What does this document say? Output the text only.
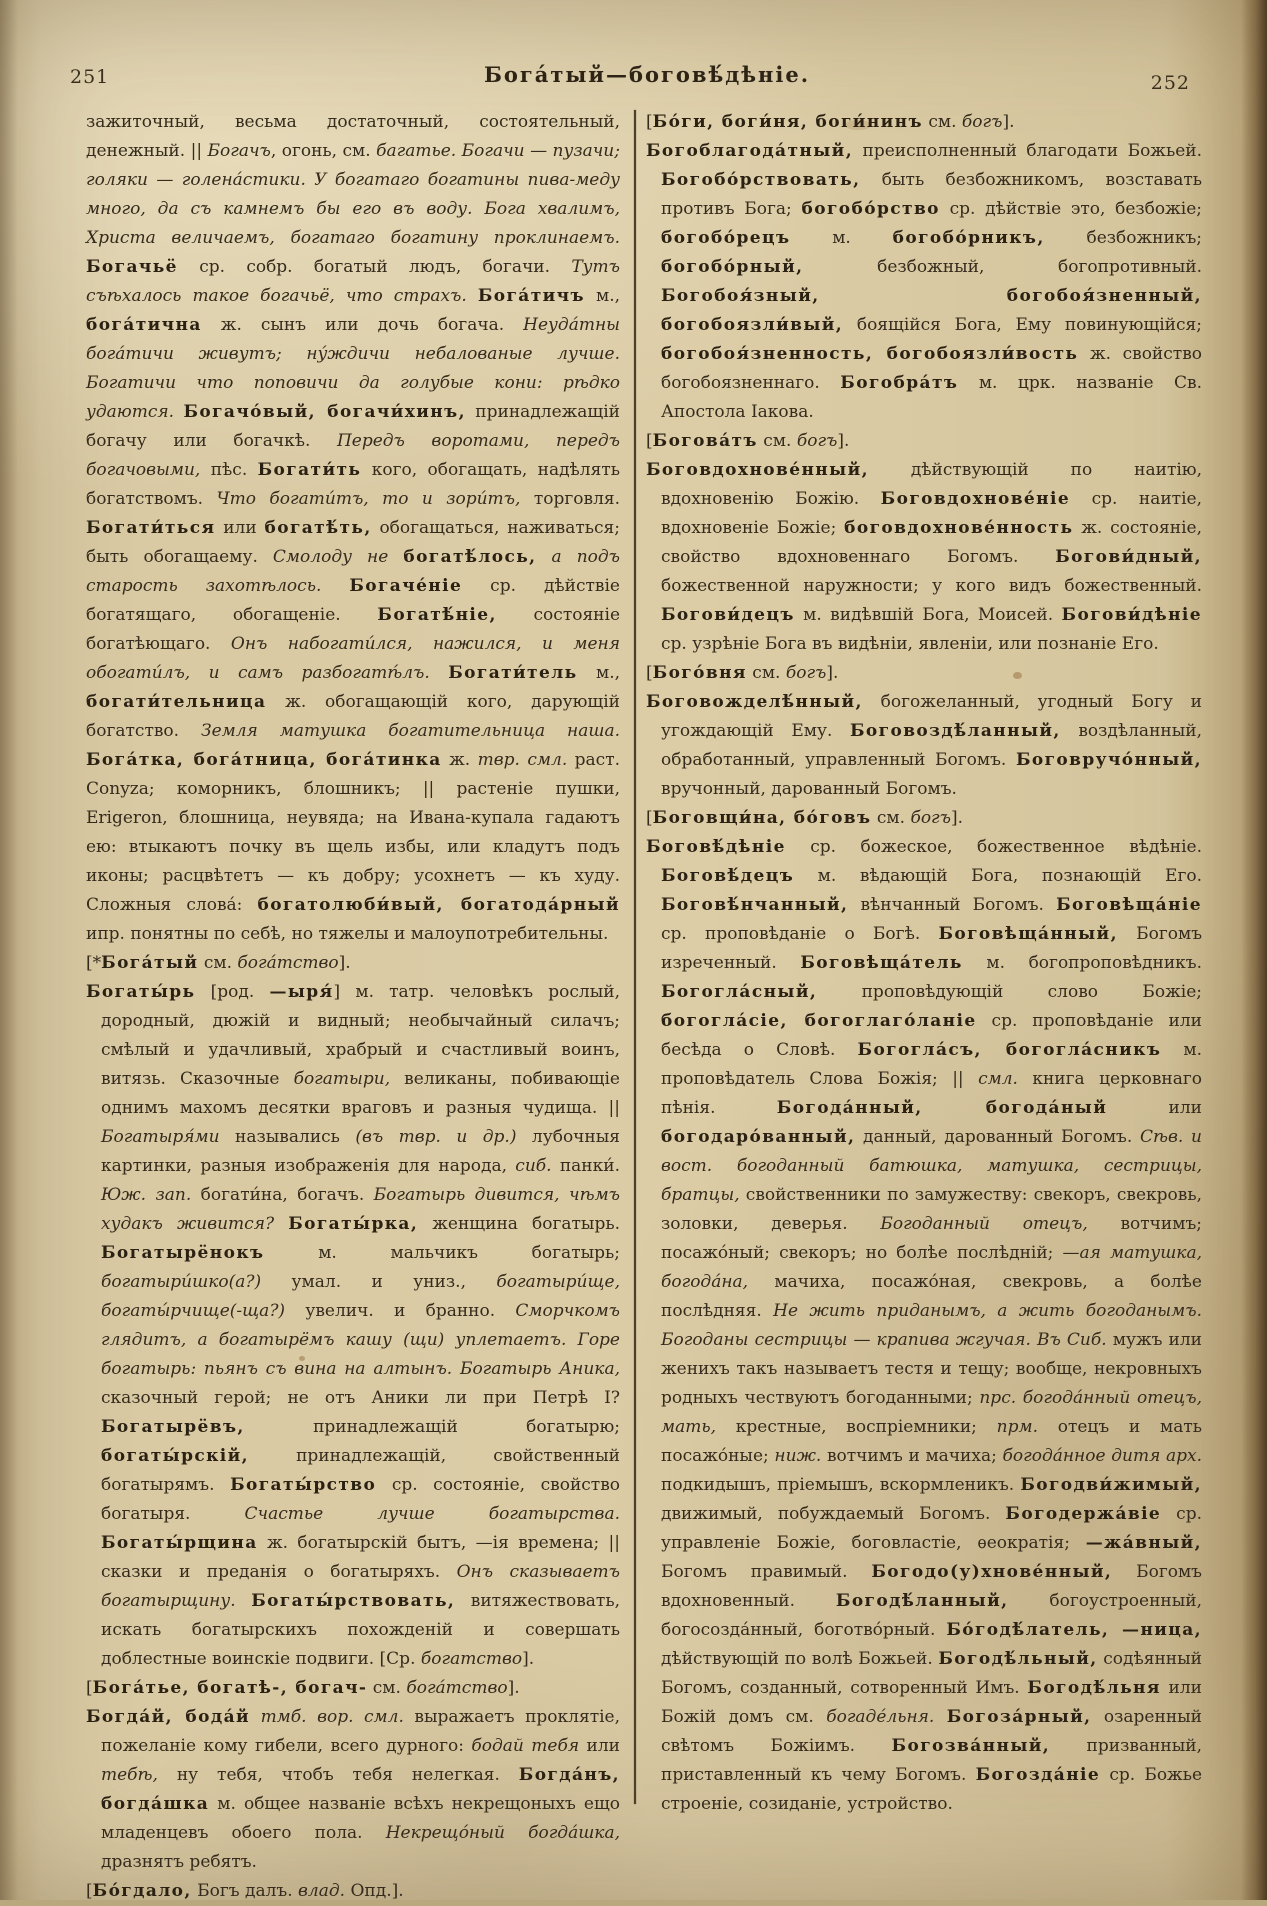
251	Бога́тый—боговѣ́дѣніе.	252
зажиточный, весьма достаточный, состоятельный, денежный. || Богачъ, огонь, см. багатье. Богачи — пузачи; голяки — голена́стики. У богатаго богатины пива-меду много, да съ камнемъ бы его въ воду. Бога хвалимъ, Христа величаемъ, богатаго богатину проклинаемъ. Богачьё ср. собр. богатый людъ, богачи. Тутъ съѣхалось такое богачьё, что страхъ. Бога́тичъ м., бога́тична ж. сынъ или дочь богача. Неуда́тны бога́тичи живутъ; ну́ждичи небалованые лучше. Богатичи что поповичи да голубые кони: рѣдко удаются. Богачо́вый, богачи́хинъ, принадлежащій богачу или богачкѣ. Передъ воротами, передъ богачовыми, пѣс. Богати́ть кого, обогащать, надѣлять богатствомъ. Что богати́тъ, то и зори́тъ, торговля. Богати́ться или богатѣ́ть, обогащаться, наживаться; быть обогащаему. Смолоду не богатѣ́лось, а подъ старость захотѣлось. Богаче́ніе ср. дѣйствіе богатящаго, обогащеніе. Богатѣ́ніе, состояніе богатѣющаго. Онъ набогати́лся, нажился, и меня обогати́лъ, и самъ разбогатѣ́лъ. Богати́тель м., богати́тельница ж. обогащающій кого, дарующій богатство. Земля матушка богатительница наша. Бога́тка, бога́тница, бога́тинка ж. твр. смл. раст. Conyza; коморникъ, блошникъ; || растеніе пушки, Erigeron, блошница, неувяда; на Ивана-купала гадаютъ ею: втыкаютъ почку въ щель избы, или кладутъ подъ иконы; расцвѣтетъ — къ добру; усохнетъ — къ худу. Сложныя слова́: богатолюби́вый, богатода́рный ипр. понятны по себѣ, но тяжелы и малоупотребительны.
[*Бога́тый см. бога́тство].
Богаты́рь [род. —ыря́] м. татр. человѣкъ рослый, дородный, дюжій и видный; необычайный силачъ; смѣлый и удачливый, храбрый и счастливый воинъ, витязь. Сказочные богатыри, великаны, побивающіе однимъ махомъ десятки враговъ и разныя чудища. || Богатыря́ми назывались (въ твр. и др.) лубочныя картинки, разныя изображенія для народа, сиб. панки́. Юж. зап. богати́на, богачъ. Богатырь дивится, чѣмъ худакъ живится? Богаты́рка, женщина богатырь. Богатырёнокъ м. мальчикъ богатырь; богатыри́шко(а?) умал. и униз., богатыри́ще, богаты́рчище(-ща?) увелич. и бранно. Сморчкомъ глядитъ, а богатырёмъ кашу (щи) уплетаетъ. Горе богатырь: пьянъ съ вина на алтынъ. Богатырь Аника, сказочный герой; не отъ Аники ли при Петрѣ I? Богатырёвъ, принадлежащій богатырю; богаты́рскій, принадлежащій, свойственный богатырямъ. Богаты́рство ср. состояніе, свойство богатыря. Счастье лучше богатырства. Богаты́рщина ж. богатырскій бытъ, —ія времена; || сказки и преданія о богатыряхъ. Онъ сказываетъ богатырщину. Богаты́рствовать, витяжествовать, искать богатырскихъ похожденій и совершать доблестные воинскіе подвиги. [Ср. богатство].
[Бога́тье, богатѣ-, богач- см. бога́тство].
Богда́й, бода́й тмб. вор. смл. выражаетъ проклятіе, пожеланіе кому гибели, всего дурного: бодай тебя или тебѣ, ну тебя, чтобъ тебя нелегкая. Богда́нъ, богда́шка м. общее названіе всѣхъ некрещоныхъ ещо младенцевъ обоего пола. Некрещо́ный богда́шка, дразнятъ ребятъ.
[Бо́гдало, Богъ далъ. влад. Опд.].
[Бо́ги, боги́ня, боги́нинъ см. богъ].
Богоблагода́тный, преисполненный благодати Божьей. Богобо́рствовать, быть безбожникомъ, возставать противъ Бога; богобо́рство ср. дѣйствіе это, безбожіе; богобо́рецъ м. богобо́рникъ, безбожникъ; богобо́рный, безбожный, богопротивный. Богобоя́зный, богобоя́зненный, богобоязли́вый, боящійся Бога, Ему повинующійся; богобоя́зненность, богобоязли́вость ж. свойство богобоязненнаго. Богобра́тъ м. црк. названіе Св. Апостола Іакова.
[Богова́тъ см. богъ].
Боговдохнове́нный, дѣйствующій по наитію, вдохновенію Божію. Боговдохнове́ніе ср. наитіе, вдохновеніе Божіе; боговдохнове́нность ж. состояніе, свойство вдохновеннаго Богомъ. Богови́дный, божественной наружности; у кого видъ божественный. Богови́децъ м. видѣвшій Бога, Моисей. Богови́дѣніе ср. узрѣніе Бога въ видѣніи, явленіи, или познаніе Его.
[Бого́вня см. богъ].
Боговожделѣ́нный, богожеланный, угодный Богу и угождающій Ему. Боговоздѣ́ланный, воздѣланный, обработанный, управленный Богомъ. Боговручо́нный, вручонный, дарованный Богомъ.
[Боговщи́на, бо́говъ см. богъ].
Боговѣ́дѣніе ср. божеское, божественное вѣдѣніе. Боговѣ́децъ м. вѣдающій Бога, познающій Его. Боговѣ́нчанный, вѣнчанный Богомъ. Боговѣща́ніе ср. проповѣданіе о Богѣ. Боговѣща́нный, Богомъ изреченный. Боговѣща́тель м. богопроповѣдникъ. Богогла́сный, проповѣдующій слово Божіе; богогла́сіе, богоглаго́ланіе ср. проповѣданіе или бесѣда о Словѣ. Богогла́съ, богогла́сникъ м. проповѣдатель Слова Божія; || смл. книга церковнаго пѣнія. Богода́нный, богода́ный или богодаро́ванный, данный, дарованный Богомъ. Сѣв. и вост. богоданный батюшка, матушка, сестрицы, братцы, свойственники по замужеству: свекоръ, свекровь, золовки, деверья. Богоданный отецъ, вотчимъ; посажо́ный; свекоръ; но болѣе послѣдній; —ая матушка, богода́на, мачиха, посажо́ная, свекровь, а болѣе послѣдняя. Не жить приданымъ, а жить богоданымъ. Богоданы сестрицы — крапива жгучая. Въ Сиб. мужъ или женихъ такъ называетъ тестя и тещу; вообще, некровныхъ родныхъ чествуютъ богоданными; прс. богода́нный отецъ, мать, крестные, воспріемники; прм. отецъ и мать посажо́ные; ниж. вотчимъ и мачиха; богода́нное дитя арх. подкидышъ, пріемышъ, вскормленикъ. Богодви́жимый, движимый, побуждаемый Богомъ. Богодержа́віе ср. управленіе Божіе, боговластіе, ѳеократія; —жа́вный, Богомъ правимый. Богодо(у)хнове́нный, Богомъ вдохновенный. Богодѣ́ланный, богоустроенный, богосозда́нный, боготво́рный. Бо́годѣ́латель, —ница, дѣйствующій по волѣ Божьей. Богодѣ́льный, содѣянный Богомъ, созданный, сотворенный Имъ. Богодѣ́льня или Божій домъ см. богаде́льня. Богоза́рный, озаренный свѣтомъ Божіимъ. Богозва́нный, призванный, приставленный къ чему Богомъ. Богозда́ніе ср. Божье строеніе, созиданіе, устройство.
